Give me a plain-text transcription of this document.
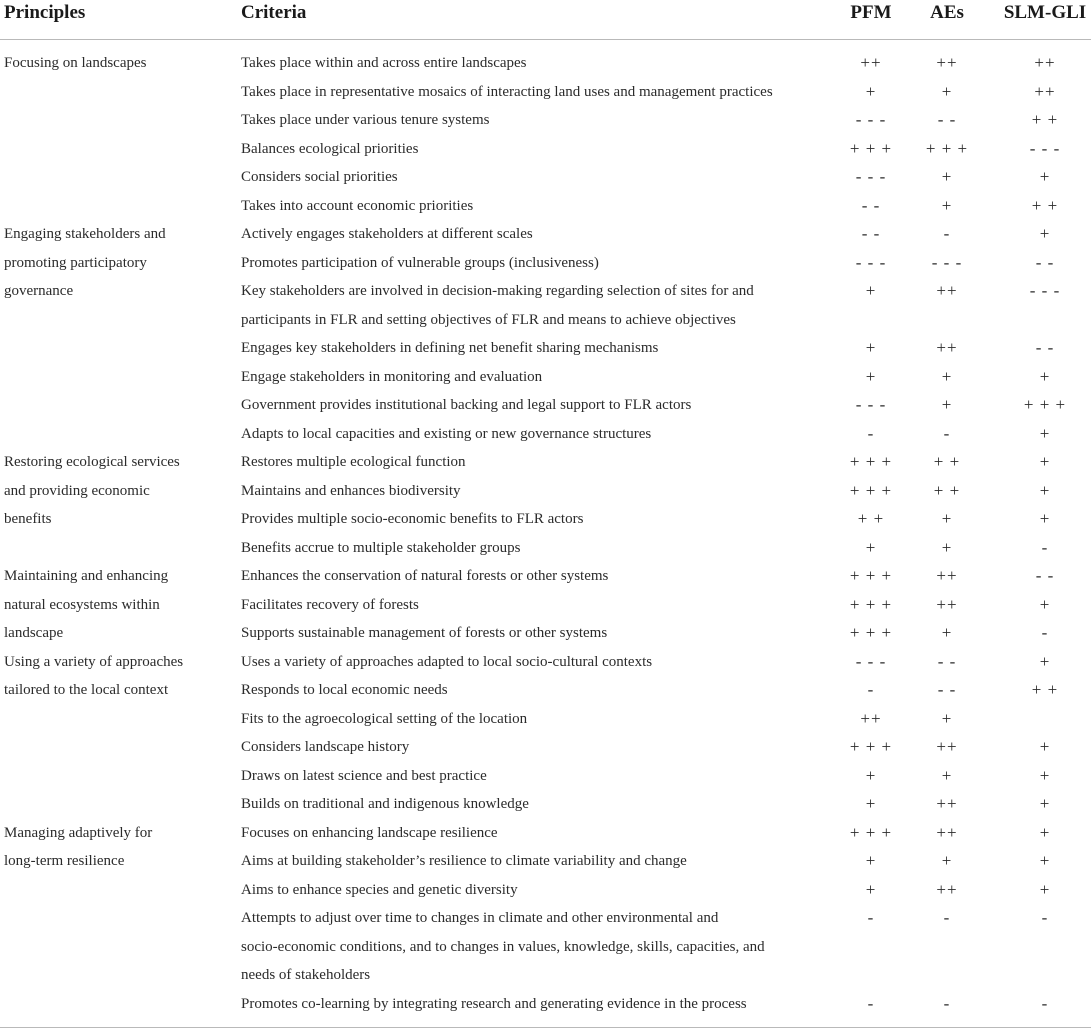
Principles	Criteria	PFM	AEs	SLM-GLI
Focusing on landscapes	Takes place within and across entire landscapes	++	++	++
Takes place in representative mosaics of interacting land uses and management practices	+	+	++
Takes place under various tenure systems	- - -	- -	+ +
Balances ecological priorities	+ + +	+ + +	- - -
Considers social priorities	- - -	+	+
Takes into account economic priorities	- -	+	+ +
Engaging stakeholders and	Actively engages stakeholders at different scales	- -	-	+
promoting participatory	Promotes participation of vulnerable groups (inclusiveness)	- - -	- - -	- -
governance	Key stakeholders are involved in decision-making regarding selection of sites for and	+	++	- - -
participants in FLR and setting objectives of FLR and means to achieve objectives
Engages key stakeholders in defining net benefit sharing mechanisms	+	++	- -
Engage stakeholders in monitoring and evaluation	+	+	+
Government provides institutional backing and legal support to FLR actors	- - -	+	+ + +
Adapts to local capacities and existing or new governance structures	-	-	+
Restoring ecological services	Restores multiple ecological function	+ + +	+ +	+
and providing economic	Maintains and enhances biodiversity	+ + +	+ +	+
benefits	Provides multiple socio-economic benefits to FLR actors	+ +	+	+
Benefits accrue to multiple stakeholder groups	+	+	-
Maintaining and enhancing	Enhances the conservation of natural forests or other systems	+ + +	++	- -
natural ecosystems within	Facilitates recovery of forests	+ + +	++	+
landscape	Supports sustainable management of forests or other systems	+ + +	+	-
Using a variety of approaches	Uses a variety of approaches adapted to local socio-cultural contexts	- - -	- -	+
tailored to the local context	Responds to local economic needs	-	- -	+ +
Fits to the agroecological setting of the location	++	+
Considers landscape history	+ + +	++	+
Draws on latest science and best practice	+	+	+
Builds on traditional and indigenous knowledge	+	++	+
Managing adaptively for	Focuses on enhancing landscape resilience	+ + +	++	+
long-term resilience	Aims at building stakeholder’s resilience to climate variability and change	+	+	+
Aims to enhance species and genetic diversity	+	++	+
Attempts to adjust over time to changes in climate and other environmental and	-	-	-
socio-economic conditions, and to changes in values, knowledge, skills, capacities, and
needs of stakeholders
Promotes co-learning by integrating research and generating evidence in the process	-	-	-
